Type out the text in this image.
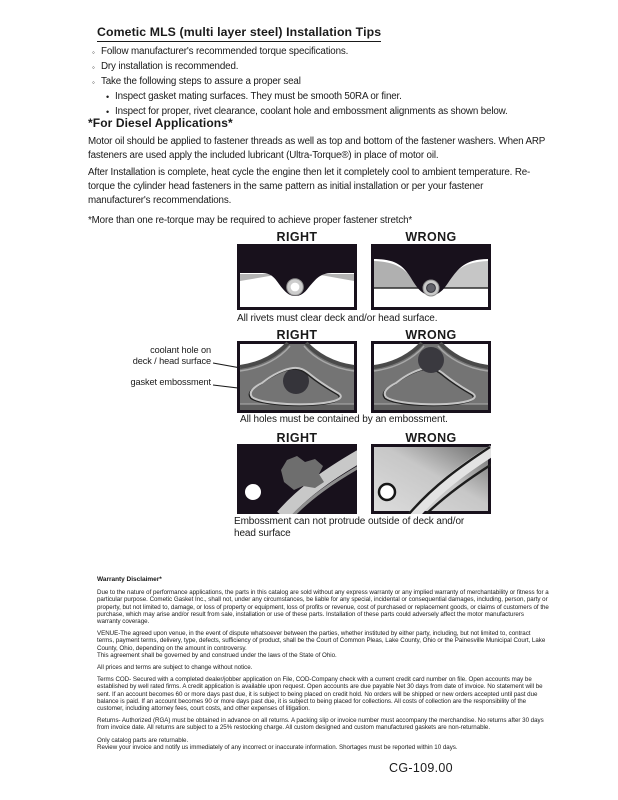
Cometic MLS (multi layer steel) Installation Tips
◦ Follow manufacturer's recommended torque specifications.
◦ Dry installation is recommended.
◦ Take the following steps to assure a proper seal
• Inspect gasket mating surfaces. They must be smooth 50RA or finer.
• Inspect for proper, rivet clearance, coolant hole and embossment alignments as shown below.
*For Diesel Applications*
Motor oil should be applied to fastener threads as well as top and bottom of the fastener washers. When ARP fasteners are used apply the included lubricant (Ultra-Torque®) in place of motor oil.
After Installation is complete, heat cycle the engine then let it completely cool to ambient temperature. Re-torque the cylinder head fasteners in the same pattern as initial installation or per your fastener manufacturer's recommendations.
*More than one re-torque may be required to achieve proper fastener stretch*
RIGHT	WRONG
All rivets must clear deck and/or head surface.
RIGHT	WRONG
coolant hole on
deck / head surface
gasket embossment
All holes must be contained by an embossment.
RIGHT	WRONG
Embossment can not protrude outside of deck and/or head surface
Warranty Disclaimer*
Due to the nature of performance applications, the parts in this catalog are sold without any express warranty or any implied warranty of merchantability or fitness for a particular purpose. Cometic Gasket Inc., shall not, under any circumstances, be liable for any special, incidental or consequential damages, including, person, party or property, but not limited to, damage, or loss of property or equipment, loss of profits or revenue, cost of purchased or replacement goods, or claims of customers of the purchase, which may arise and/or result from sale, installation or use of these parts. Installation of these parts could adversely affect the motor manufacturers warranty coverage.
VENUE-The agreed upon venue, in the event of dispute whatsoever between the parties, whether instituted by either party, including, but not limited to, contract terms, payment terms, delivery, type, defects, sufficiency of product, shall be the Court of Common Pleas, Lake County, Ohio or the Painesville Municipal Court, Lake County, Ohio, depending on the amount in controversy.
This agreement shall be governed by and construed under the laws of the State of Ohio.
All prices and terms are subject to change without notice.
Terms COD- Secured with a completed dealer/jobber application on File, COD-Company check with a current credit card number on file. Open accounts may be established by well rated firms. A credit application is available upon request. Open accounts are due payable Net 30 days from date of invoice. No statement will be sent. If an account becomes 60 or more days past due, it is subject to being placed on credit hold. No orders will be shipped or new orders accepted until past due balance is paid. If an account becomes 90 or more days past due, it is subject to being placed for collections. All costs of collection are the responsibility of the customer, including attorney fees, court costs, and other expenses of litigation.
Returns- Authorized (RGA) must be obtained in advance on all returns. A packing slip or invoice number must accompany the merchandise. No returns after 30 days from invoice date. All returns are subject to a 25% restocking charge. All custom designed and custom manufactured gaskets are non-returnable.
Only catalog parts are returnable.
Review your invoice and notify us immediately of any incorrect or inaccurate information. Shortages must be reported within 10 days.
CG-109.00
